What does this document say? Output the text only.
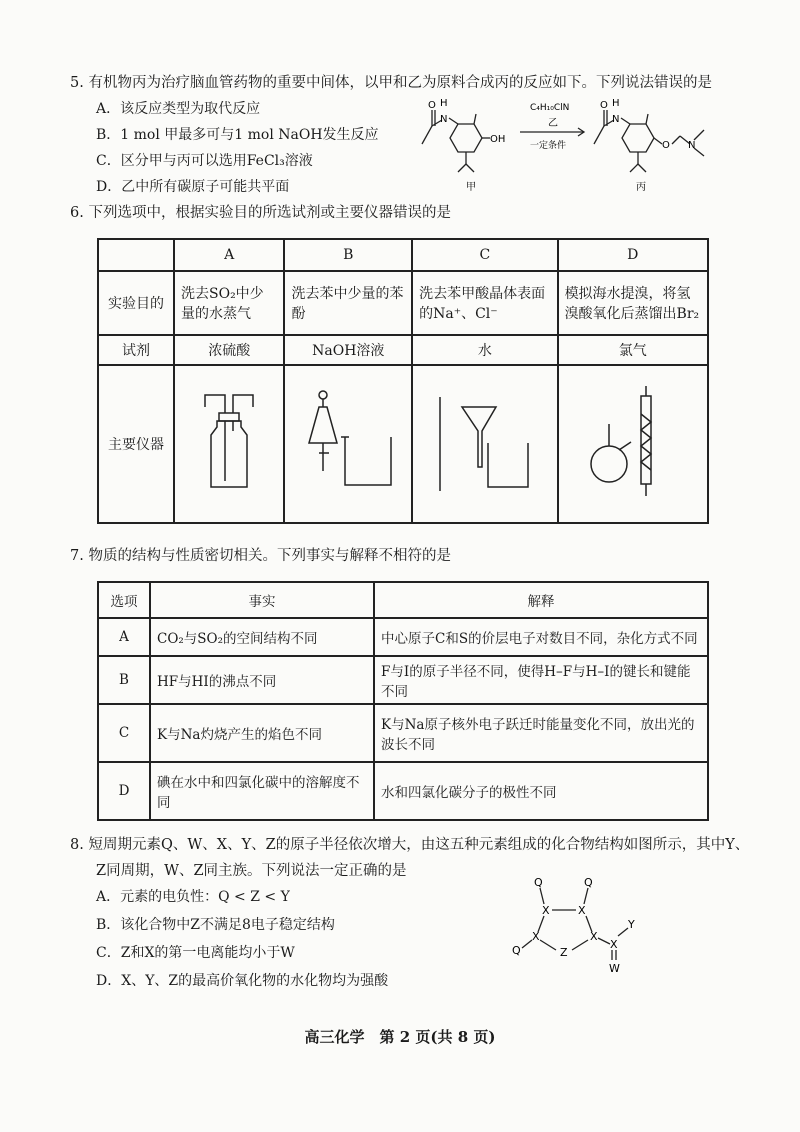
5. 有机物丙为治疗脑血管药物的重要中间体，以甲和乙为原料合成丙的反应如下。下列说法错误的是
A．该反应类型为取代反应
B．1 mol 甲最多可与1 mol NaOH发生反应
C．区分甲与丙可以选用FeCl₃溶液
D．乙中所有碳原子可能共平面
H
N
O
OH
甲
C₄H₁₀ClN
乙
一定条件
H
N
O
O N
丙
6. 下列选项中，根据实验目的所选试剂或主要仪器错误的是
	A	B	C	D
实验目的	洗去SO₂中少量的水蒸气	洗去苯中少量的苯酚	洗去苯甲酸晶体表面的Na⁺、Cl⁻	模拟海水提溴，将氢溴酸氧化后蒸馏出Br₂
试剂	浓硫酸	NaOH溶液	水	氯气
主要仪器				
7. 物质的结构与性质密切相关。下列事实与解释不相符的是
选项	事实	解释
A	CO₂与SO₂的空间结构不同	中心原子C和S的价层电子对数目不同，杂化方式不同
B	HF与HI的沸点不同	F与I的原子半径不同，使得H–F与H–I的键长和键能不同
C	K与Na灼烧产生的焰色不同	K与Na原子核外电子跃迁时能量变化不同，放出光的波长不同
D	碘在水中和四氯化碳中的溶解度不同	水和四氯化碳分子的极性不同
8. 短周期元素Q、W、X、Y、Z的原子半径依次增大，由这五种元素组成的化合物结构如图所示，其中Y、
Z同周期，W、Z同主族。下列说法一定正确的是
A．元素的电负性：Q < Z < Y
B．该化合物中Z不满足8电子稳定结构
C．Z和X的第一电离能均小于W
D．X、Y、Z的最高价氧化物的水化物均为强酸
Q	Q
X	X
X	X
Z
Q	X
Y
W
高三化学　第 2 页(共 8 页)
